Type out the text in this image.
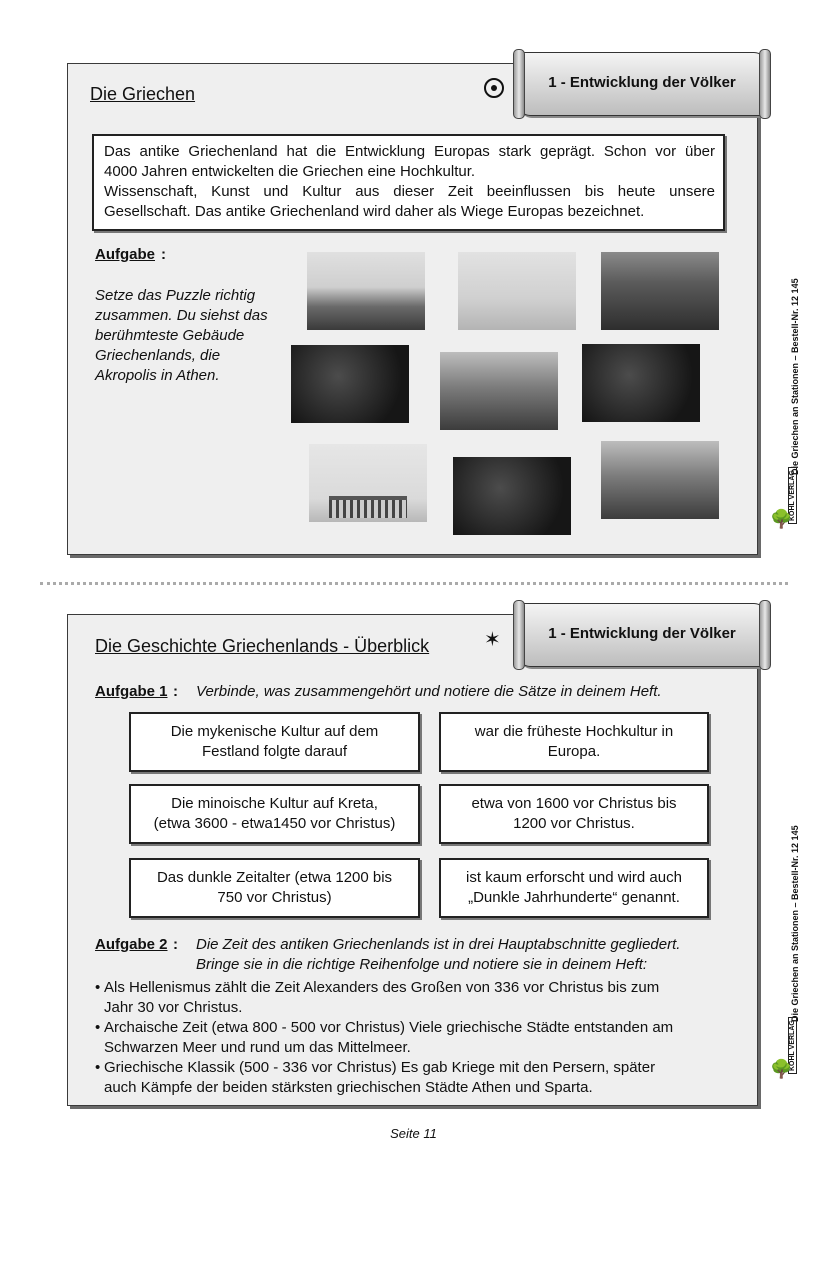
1 - Entwicklung der Völker
Die Griechen
Das antike Griechenland hat die Entwicklung Europas stark geprägt. Schon vor über
4000 Jahren entwickelten die Griechen eine Hochkultur.
Wissenschaft, Kunst und Kultur aus dieser Zeit beeinflussen bis heute unsere
Gesellschaft. Das antike Griechenland wird daher als Wiege Europas bezeichnet.
Aufgabe :
Setze das Puzzle richtig
zusammen. Du siehst das
berühmteste Gebäude
Griechenlands, die
Akropolis in Athen.	Die Griechen an Stationen – Bestell-Nr. 12 145
KOHL VERLAG
🌳
1 - Entwicklung der Völker
Die Geschichte Griechenlands - Überblick	✶
Aufgabe 1 : Verbinde, was zusammengehört und notiere die Sätze in deinem Heft.
Die mykenische Kultur auf dem
Festland folgte darauf
Die minoische Kultur auf Kreta,
(etwa 3600 - etwa1450 vor Christus)
Das dunkle Zeitalter (etwa 1200 bis
750 vor Christus)
war die früheste Hochkultur in
Europa.
etwa von 1600 vor Christus bis
1200 vor Christus.
ist kaum erforscht und wird auch
„Dunkle Jahrhunderte“ genannt.
Aufgabe 2 : Die Zeit des antiken Griechenlands ist in drei Hauptabschnitte gegliedert.
Bringe sie in die richtige Reihenfolge und notiere sie in deinem Heft:
• Als Hellenismus zählt die Zeit Alexanders des Großen von 336 vor Christus bis zum
Jahr 30 vor Christus.
• Archaische Zeit (etwa 800 - 500 vor Christus) Viele griechische Städte entstanden am
Schwarzen Meer und rund um das Mittelmeer.
• Griechische Klassik (500 - 336 vor Christus) Es gab Kriege mit den Persern, später
auch Kämpfe der beiden stärksten griechischen Städte Athen und Sparta.
Die Griechen an Stationen – Bestell-Nr. 12 145
KOHL VERLAG
🌳
Seite 11
